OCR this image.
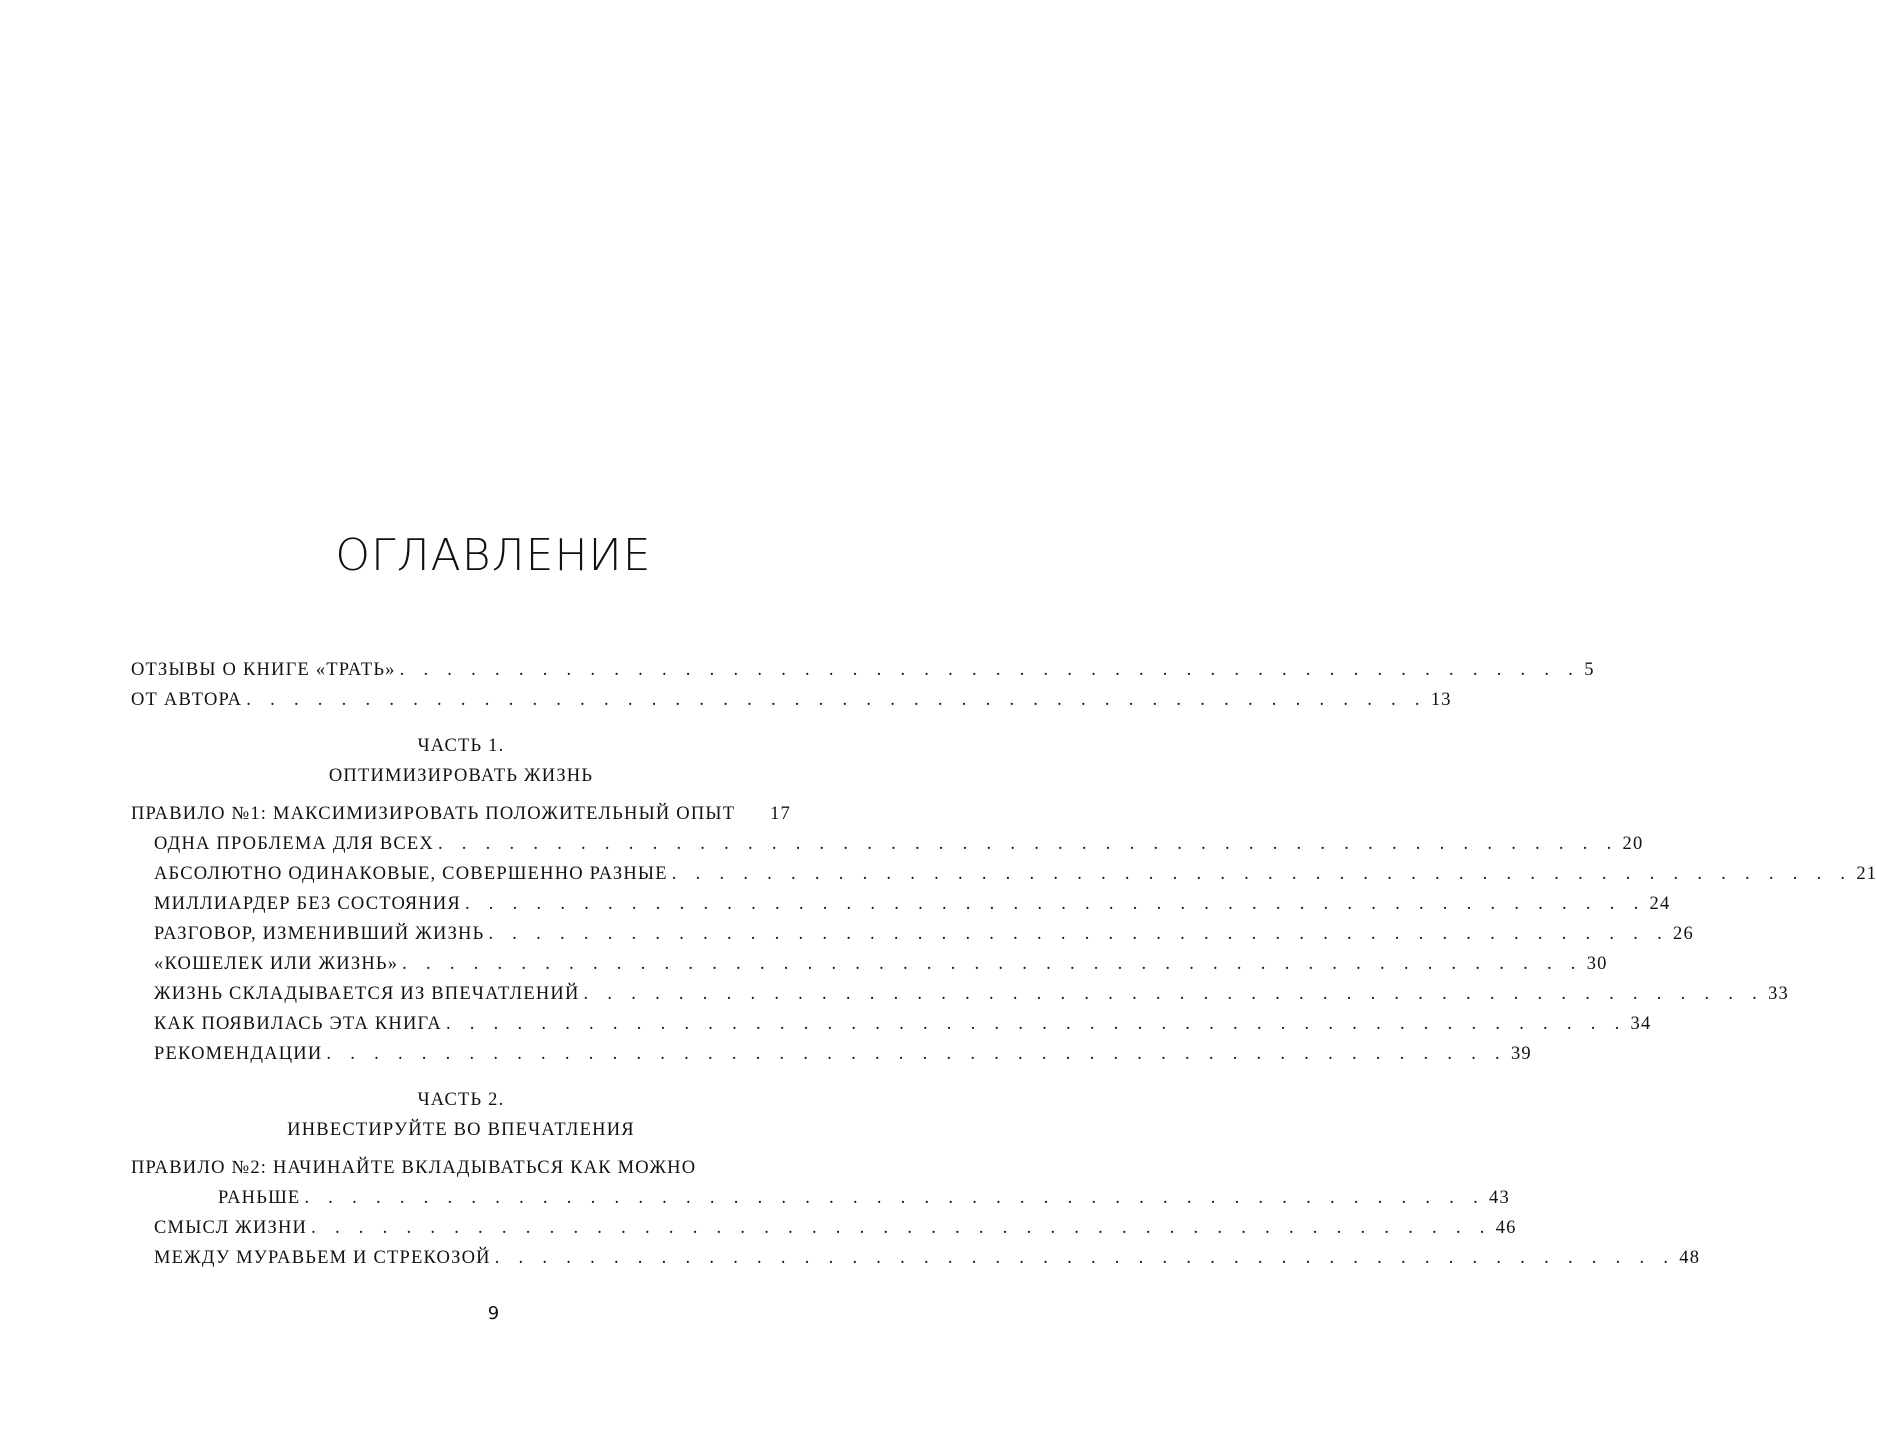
ОГЛАВЛЕНИЕ
ОТЗЫВЫ О КНИГЕ «ТРАТЬ» . . . . . . . . . . . . . . . . . . . . . . . . . . . . . . . . . . . . . . . . . . . . . . . . . . 5
ОТ АВТОРА . . . . . . . . . . . . . . . . . . . . . . . . . . . . . . . . . . . . . . . . . . . . . . . . . . 13
ЧАСТЬ 1.
ОПТИМИЗИРОВАТЬ ЖИЗНЬ
ПРАВИЛО №1: МАКСИМИЗИРОВАТЬ ПОЛОЖИТЕЛЬНЫЙ ОПЫТ 17
ОДНА ПРОБЛЕМА ДЛЯ ВСЕХ . . . . . . . . . . . . . . . . . . . . . . . . . . . . . . . . . . . . . . . . . . . . . . . . . . 20
АБСОЛЮТНО ОДИНАКОВЫЕ, СОВЕРШЕННО РАЗНЫЕ . . . . . . . . . . . . . . . . . . . . . . . . . . . . . . . . . . . . . . . . . . . . . . . . . . 21
МИЛЛИАРДЕР БЕЗ СОСТОЯНИЯ . . . . . . . . . . . . . . . . . . . . . . . . . . . . . . . . . . . . . . . . . . . . . . . . . . 24
РАЗГОВОР, ИЗМЕНИВШИЙ ЖИЗНЬ . . . . . . . . . . . . . . . . . . . . . . . . . . . . . . . . . . . . . . . . . . . . . . . . . . 26
«КОШЕЛЕК ИЛИ ЖИЗНЬ» . . . . . . . . . . . . . . . . . . . . . . . . . . . . . . . . . . . . . . . . . . . . . . . . . . 30
ЖИЗНЬ СКЛАДЫВАЕТСЯ ИЗ ВПЕЧАТЛЕНИЙ . . . . . . . . . . . . . . . . . . . . . . . . . . . . . . . . . . . . . . . . . . . . . . . . . . 33
КАК ПОЯВИЛАСЬ ЭТА КНИГА . . . . . . . . . . . . . . . . . . . . . . . . . . . . . . . . . . . . . . . . . . . . . . . . . . 34
РЕКОМЕНДАЦИИ . . . . . . . . . . . . . . . . . . . . . . . . . . . . . . . . . . . . . . . . . . . . . . . . . . 39
ЧАСТЬ 2.
ИНВЕСТИРУЙТЕ ВО ВПЕЧАТЛЕНИЯ
ПРАВИЛО №2: НАЧИНАЙТЕ ВКЛАДЫВАТЬСЯ КАК МОЖНО
РАНЬШЕ . . . . . . . . . . . . . . . . . . . . . . . . . . . . . . . . . . . . . . . . . . . . . . . . . . 43
СМЫСЛ ЖИЗНИ . . . . . . . . . . . . . . . . . . . . . . . . . . . . . . . . . . . . . . . . . . . . . . . . . . 46
МЕЖДУ МУРАВЬЕМ И СТРЕКОЗОЙ . . . . . . . . . . . . . . . . . . . . . . . . . . . . . . . . . . . . . . . . . . . . . . . . . . 48
9
